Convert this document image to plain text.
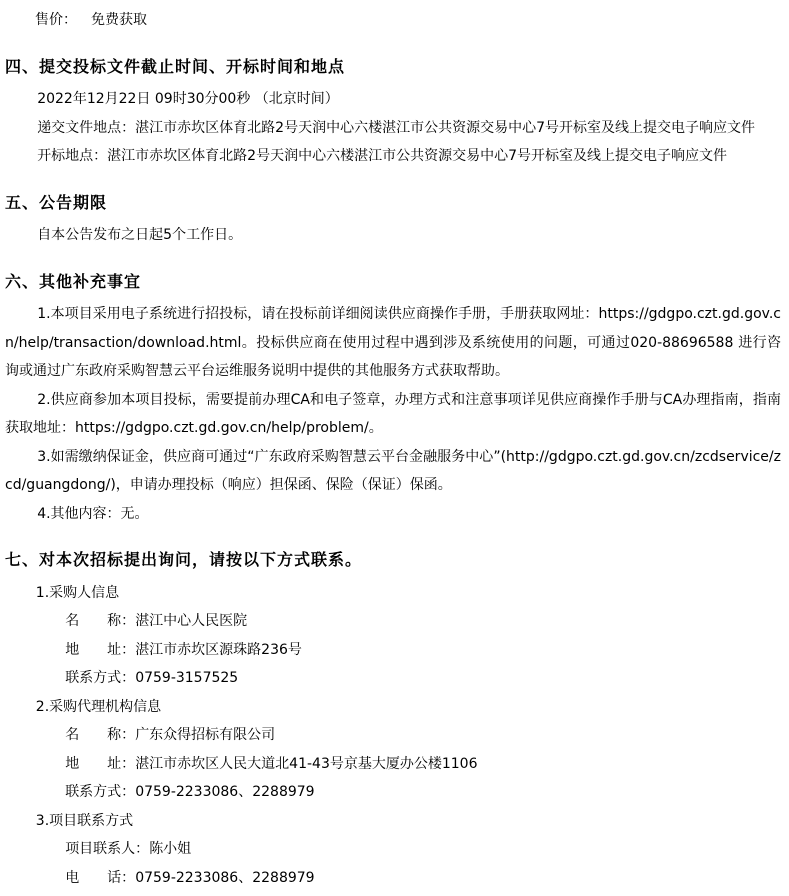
售价： 免费获取

四、提交投标文件截止时间、开标时间和地点

2022年12月22日 09时30分00秒 （北京时间）

递交文件地点：湛江市赤坎区体育北路2号天润中心六楼湛江市公共资源交易中心7号开标室及线上提交电子响应文件

开标地点：湛江市赤坎区体育北路2号天润中心六楼湛江市公共资源交易中心7号开标室及线上提交电子响应文件

五、公告期限

自本公告发布之日起5个工作日。

六、其他补充事宜

1.本项目采用电子系统进行招投标，请在投标前详细阅读供应商操作手册，手册获取网址：https://gdgpo.czt.gd.gov.cn/help/transaction/download.html。投标供应商在使用过程中遇到涉及系统使用的问题，可通过020-88696588 进行咨询或通过广东政府采购智慧云平台运维服务说明中提供的其他服务方式获取帮助。

2.供应商参加本项目投标，需要提前办理CA和电子签章，办理方式和注意事项详见供应商操作手册与CA办理指南，指南获取地址：https://gdgpo.czt.gd.gov.cn/help/problem/。

3.如需缴纳保证金，供应商可通过“广东政府采购智慧云平台金融服务中心”(http://gdgpo.czt.gd.gov.cn/zcdservice/zcd/guangdong/)，申请办理投标（响应）担保函、保险（保证）保函。

4.其他内容：无。

七、对本次招标提出询问，请按以下方式联系。

1.采购人信息

名　　称：湛江中心人民医院

地　　址：湛江市赤坎区源珠路236号

联系方式：0759-3157525

2.采购代理机构信息

名　　称：广东众得招标有限公司

地　　址：湛江市赤坎区人民大道北41-43号京基大厦办公楼1106

联系方式：0759-2233086、2288979

3.项目联系方式

项目联系人：陈小姐

电　　话：0759-2233086、2288979
